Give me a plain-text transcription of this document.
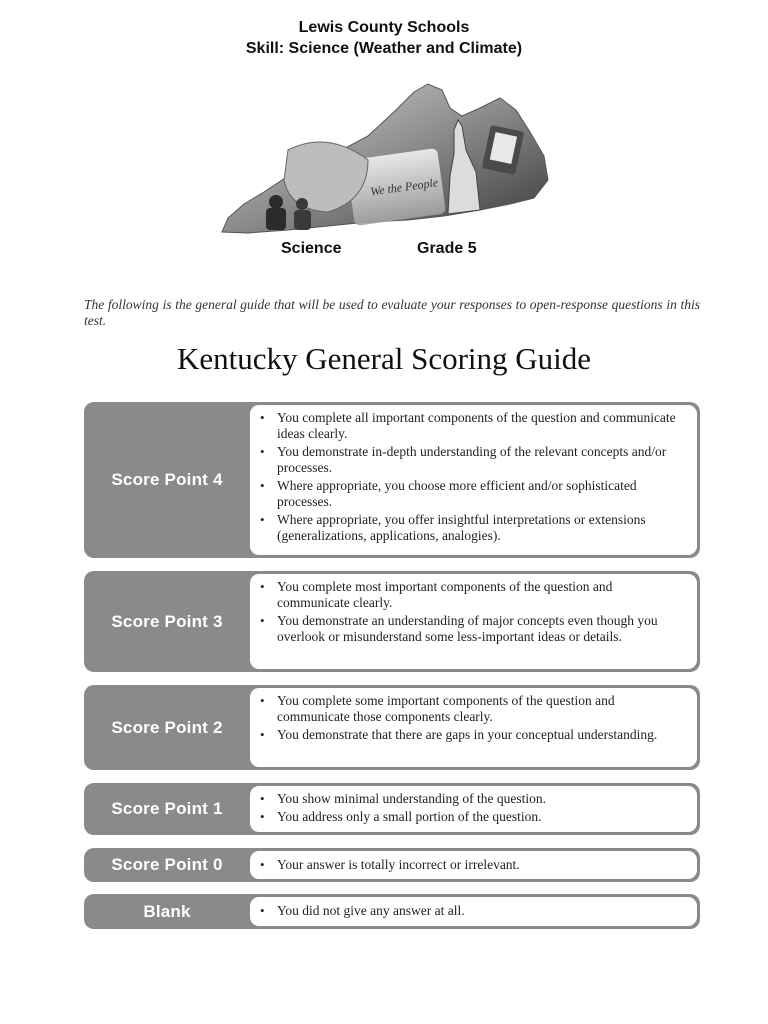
Lewis County Schools
Skill: Science (Weather and Climate)
We the People
Science	Grade 5
The following is the general guide that will be used to evaluate your responses to open-response questions in this test.
Kentucky General Scoring Guide
Score Point 4
• You complete all important components of the question and communicate ideas clearly.
• You demonstrate in-depth understanding of the relevant concepts and/or processes.
• Where appropriate, you choose more efficient and/or sophisticated processes.
• Where appropriate, you offer insightful interpretations or extensions (generalizations, applications, analogies).
Score Point 3
• You complete most important components of the question and communicate clearly.
• You demonstrate an understanding of major concepts even though you overlook or misunderstand some less-important ideas or details.
Score Point 2
• You complete some important components of the question and communicate those components clearly.
• You demonstrate that there are gaps in your conceptual understanding.
Score Point 1
• You show minimal understanding of the question.
• You address only a small portion of the question.
Score Point 0	• Your answer is totally incorrect or irrelevant.
Blank	• You did not give any answer at all.
